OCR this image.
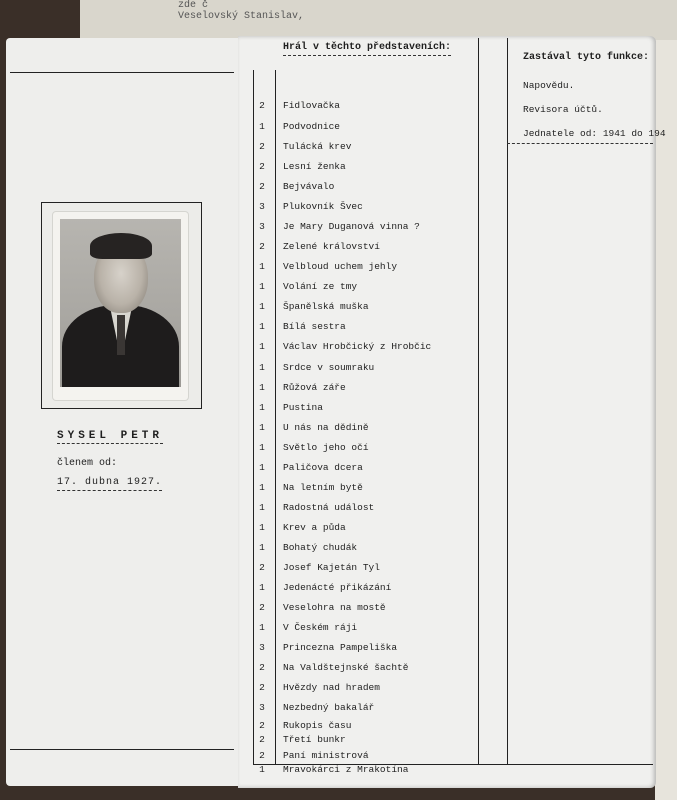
zde č
Veselovský Stanislav,
SYSEL PETR
členem od:
17. dubna 1927.
Hrál v těchto představeních:
Zastával tyto funkce:
Napovědu.
Revisora účtů.
Jednatele od: 1941 do 194
2	Fidlovačka
1	Podvodnice
2	Tulácká krev
2	Lesní ženka
2	Bejvávalo
3	Plukovník Švec
3	Je Mary Duganová vinna ?
2	Zelené království
1	Velbloud uchem jehly
1	Volání ze tmy
1	Španělská muška
1	Bílá sestra
1	Václav Hrobčický z Hrobčic
1	Srdce v soumraku
1	Růžová záře
1	Pustina
1	U nás na dědině
1	Světlo jeho očí
1	Paličova dcera
1	Na letním bytě
1	Radostná událost
1	Krev a půda
1	Bohatý chudák
2	Josef Kajetán Tyl
1	Jedenácté přikázání
2	Veselohra na mostě
1	V Českém ráji
3	Princezna Pampeliška
2	Na Valdštejnské šachtě
2	Hvězdy nad hradem
3	Nezbedný bakalář
2	Rukopis času
2	Třetí bunkr
2	Paní ministrová
1	Mravokárci z Mrakotína
